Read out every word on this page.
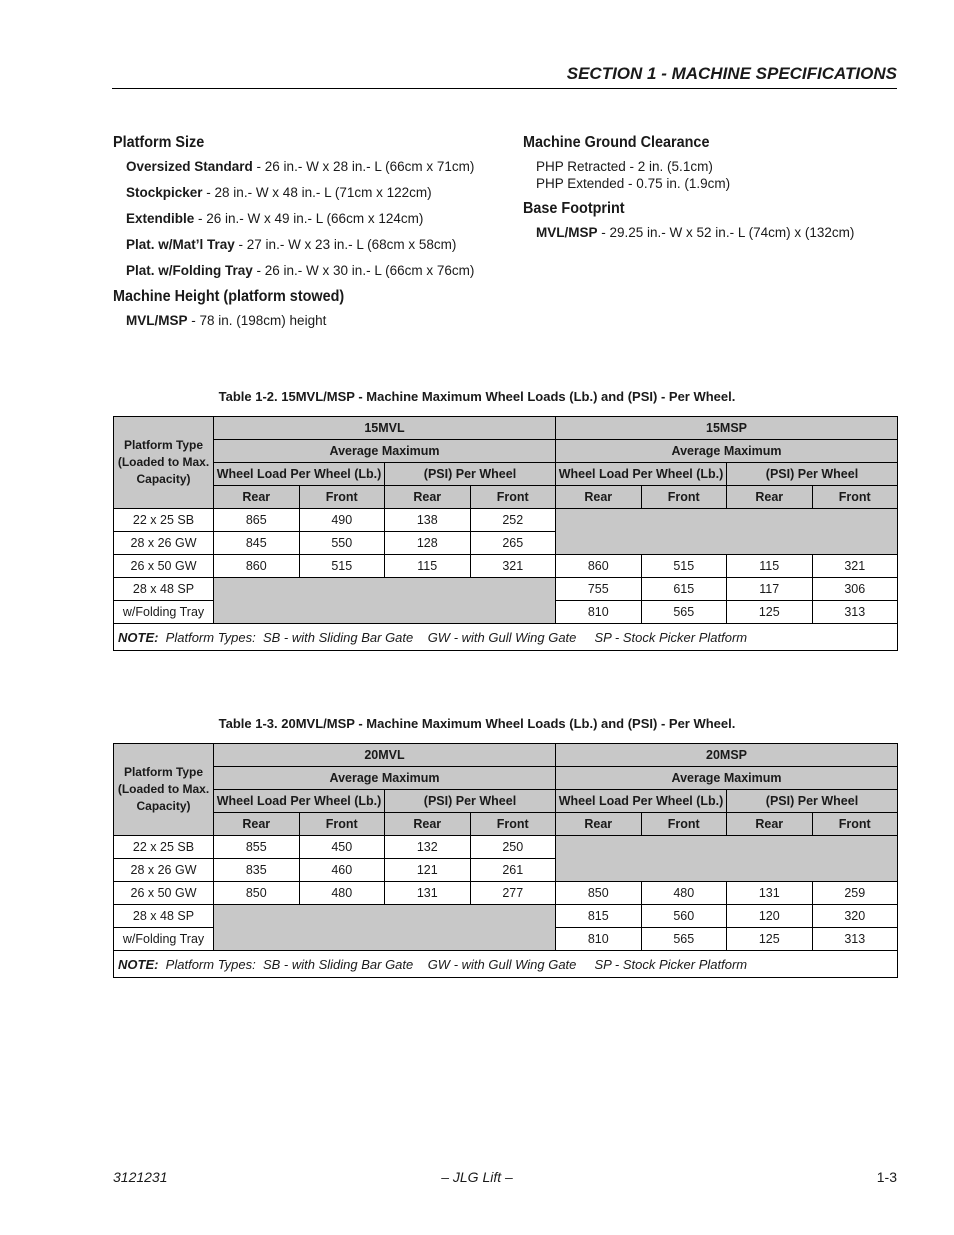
SECTION 1 - MACHINE SPECIFICATIONS
Platform Size
Oversized Standard - 26 in.- W x 28 in.- L (66cm x 71cm)
Stockpicker - 28 in.- W x 48 in.- L (71cm x 122cm)
Extendible - 26 in.- W x 49 in.- L (66cm x 124cm)
Plat. w/Mat’l Tray - 27 in.- W x 23 in.- L (68cm x 58cm)
Plat. w/Folding Tray - 26 in.- W x 30 in.- L (66cm x 76cm)
Machine Height (platform stowed)
MVL/MSP - 78 in. (198cm) height
Machine Ground Clearance
PHP Retracted - 2 in. (5.1cm)
PHP Extended - 0.75 in. (1.9cm)
Base Footprint
MVL/MSP - 29.25 in.- W x 52 in.- L (74cm) x (132cm)
Table 1-2. 15MVL/MSP - Machine Maximum Wheel Loads (Lb.) and (PSI) - Per Wheel.
Platform Type
(Loaded to Max.
Capacity)	15MVL				15MSP			
	Average Maximum				Average Maximum			
	Wheel Load Per Wheel (Lb.)		(PSI) Per Wheel		Wheel Load Per Wheel (Lb.)		(PSI) Per Wheel	
	Rear	Front	Rear	Front	Rear	Front	Rear	Front
22 x 25 SB	865	490	138	252				
28 x 26 GW	845	550	128	265				
26 x 50 GW	860	515	115	321	860	515	115	321
28 x 48 SP					755	615	117	306
w/Folding Tray					810	565	125	313
NOTE:  Platform Types:  SB - with Sliding Bar Gate    GW - with Gull Wing Gate     SP - Stock Picker Platform								
Table 1-3. 20MVL/MSP - Machine Maximum Wheel Loads (Lb.) and (PSI) - Per Wheel.
Platform Type
(Loaded to Max.
Capacity)	20MVL				20MSP			
	Average Maximum				Average Maximum			
	Wheel Load Per Wheel (Lb.)		(PSI) Per Wheel		Wheel Load Per Wheel (Lb.)		(PSI) Per Wheel	
	Rear	Front	Rear	Front	Rear	Front	Rear	Front
22 x 25 SB	855	450	132	250				
28 x 26 GW	835	460	121	261				
26 x 50 GW	850	480	131	277	850	480	131	259
28 x 48 SP					815	560	120	320
w/Folding Tray					810	565	125	313
NOTE:  Platform Types:  SB - with Sliding Bar Gate    GW - with Gull Wing Gate     SP - Stock Picker Platform								
3121231	– JLG Lift –	1-3
